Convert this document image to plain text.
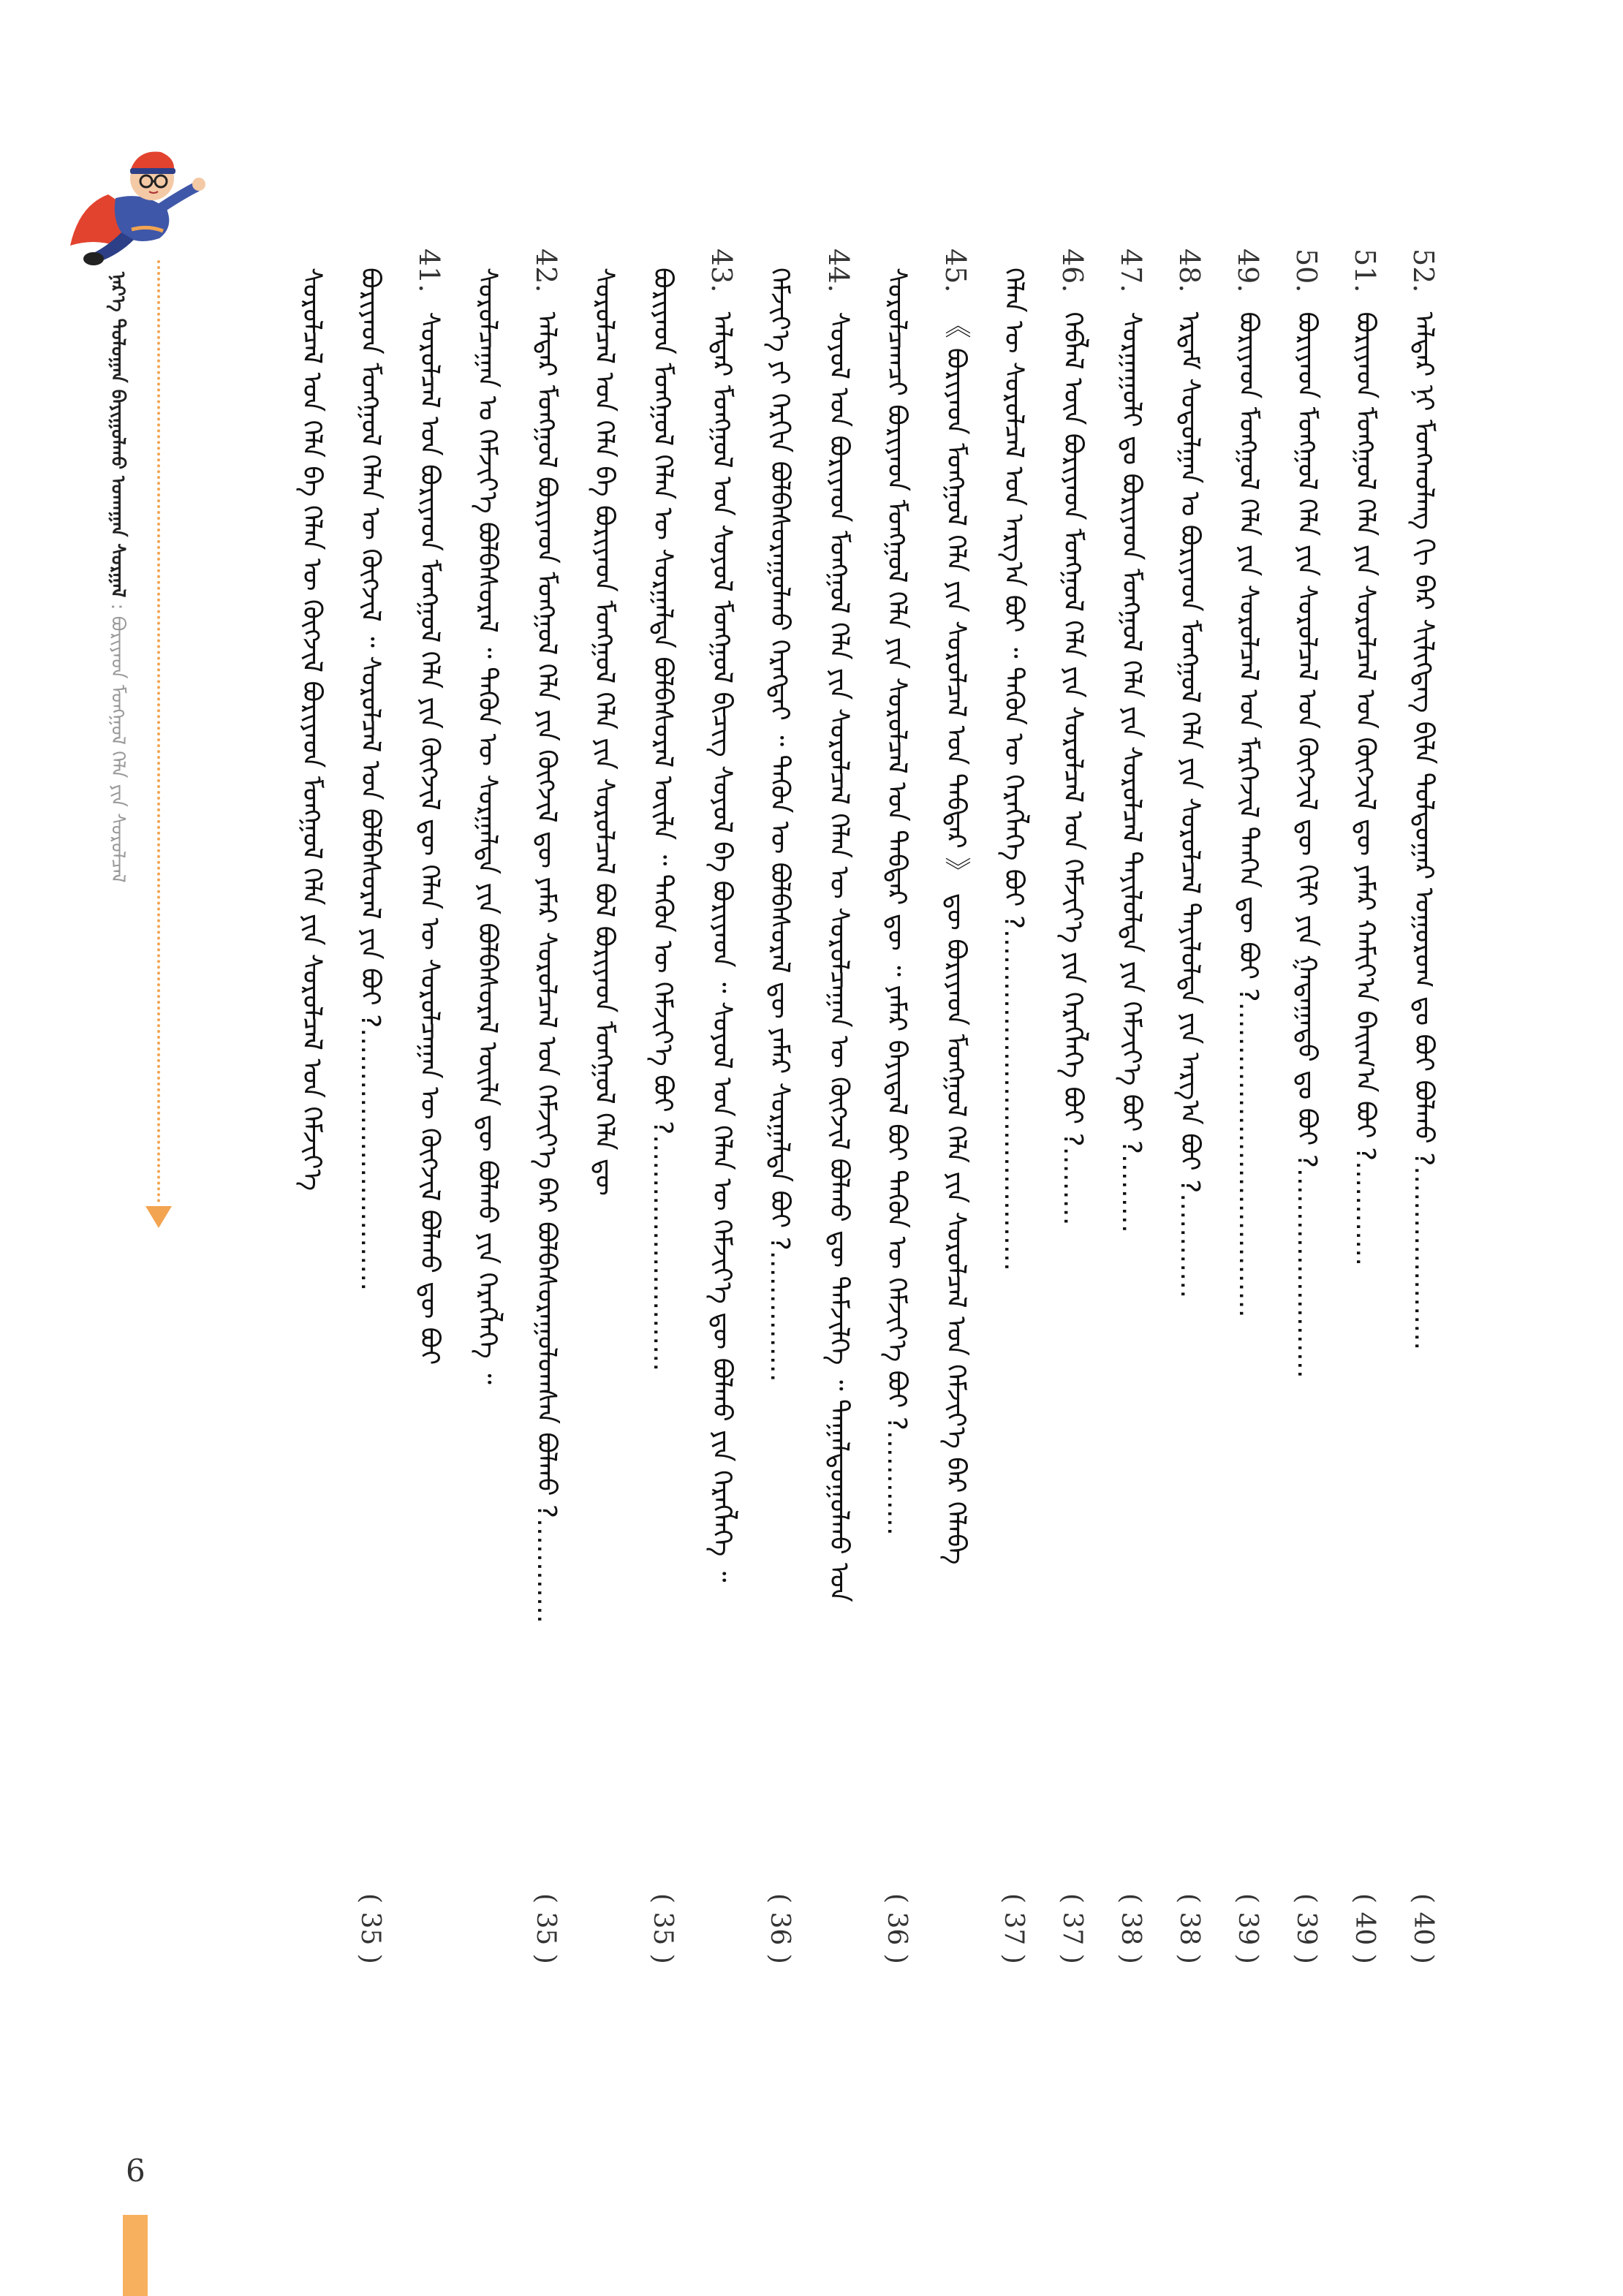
ᠨᠡᠷ᠎ᠡ ᠳᠣᠯᠤᠭᠠᠨ ᠪᠠᠶᠢᠭᠤᠯᠬᠤ ᠤᠬᠠᠭᠠᠨ ᠰᠤᠷᠭᠠᠯ : ᠪᠤᠷᠢᠶᠠᠳ ᠮᠣᠩᠭᠣᠯ ᠬᠡᠯᠡ ᠶᠢᠨ ᠰᠤᠷᠤᠯᠴᠠᠯ
52.ᠠᠯᠳᠠᠷ ᠨᠢ ᠮᠤᠩᠬᠤᠯᠠᠩ ᠬᠢ ᠪᠠᠷ ᠰᠢᠯᠢᠭᠳᠡᠭ ᠪᠢᠯᠡ ᠳᠣᠯᠳᠤᠭᠠᠷ ᠤᠭᠤᠷᠤᠭ ᠳᠤ ᠪᠣᠢ ᠪᠣᠯᠬᠤ ?…………………
( 40 )
51.ᠪᠤᠷᠢᠶᠠᠳ ᠮᠣᠩᠭᠣᠯ ᠬᠡᠯᠡ ᠶᠢᠨ ᠰᠤᠷᠤᠯᠴᠠᠯ ᠤᠨ ᠬᠥᠭᠵᠢᠯ ᠳᠦ ᠶᠠᠮᠠᠷ ᠬᠠᠮᠢᠶ᠎ᠠ ᠪᠠᠢᠭ᠎ᠠ ᠪᠣᠢ ?…………
( 40 )
50.ᠪᠤᠷᠢᠶᠠᠳ ᠮᠣᠩᠭᠣᠯ ᠬᠡᠯᠡ ᠶᠢᠨ ᠰᠤᠷᠤᠯᠴᠠᠯ ᠤᠨ ᠬᠥᠭᠵᠢᠯ ᠳᠦ ᠬᠢᠯᠢ ᠶᠢᠨ ᠭᠠᠳᠠᠭᠠᠳᠤ ᠳᠤ ᠪᠣᠢ ?……………………
( 39 )
49.ᠪᠤᠷᠢᠶᠠᠳ ᠮᠣᠩᠭᠣᠯ ᠬᠡᠯᠡ ᠶᠢᠨ ᠰᠤᠷᠤᠯᠴᠠᠯ ᠤᠨ ᠮᠡᠷᠭᠡᠵᠢᠯ ᠲᠡᠨᠭᠡᠨ ᠳᠦ ᠪᠣᠢ ?………………………………
( 39 )
48.ᠡᠷᠳᠡᠮ ᠰᠤᠳᠤᠯᠭᠠᠨ ᠤ ᠪᠤᠷᠢᠶᠠᠳ ᠮᠣᠩᠭᠣᠯ ᠬᠡᠯᠡ ᠶᠢᠨ ᠰᠤᠷᠤᠯᠴᠠᠯ ᠲᠠᠶᠢᠯᠤᠯᠲᠠ ᠶᠢᠨ ᠠᠷᠭ᠎ᠠ ᠪᠣᠢ ?…………
( 38 )
47.ᠰᠤᠷᠭᠠᠭᠤᠯᠢ ᠳᠤ ᠪᠤᠷᠢᠶᠠᠳ ᠮᠣᠩᠭᠣᠯ ᠬᠡᠯᠡ ᠶᠢᠨ ᠰᠤᠷᠤᠯᠴᠠᠯ ᠲᠠᠶᠢᠯᠤᠯᠲᠠ ᠶᠢᠨ ᠬᠡᠮᠵᠢᠶ᠎ᠡ ᠪᠣᠢ ?………
( 38 )
46.ᠬᠡᠪᠯᠡᠯ ᠦᠨ ᠪᠤᠷᠢᠶᠠᠳ ᠮᠣᠩᠭᠣᠯ ᠬᠡᠯᠡ ᠶᠢᠨ ᠰᠤᠷᠤᠯᠴᠠᠯ ᠤᠨ ᠬᠡᠮᠵᠢᠶ᠎ᠡ ᠶᠢᠨ ᠬᠡᠷᠡᠭᠯᠡᠭᠡ ᠪᠣᠢ ?………
( 37 )
ᠬᠡᠯᠡᠨ ᠦ ᠰᠤᠷᠤᠯᠴᠠᠯ ᠤᠨ ᠠᠷᠭ᠎ᠠ ᠪᠣᠢ ᠃ ᠲᠡᠭᠦᠨ ᠦ ᠬᠡᠷᠡᠭᠯᠡᠭᠡ ᠪᠣᠢ ?…………………………………
( 37 )
45.《 ᠪᠤᠷᠢᠶᠠᠳ ᠮᠣᠩᠭᠣᠯ ᠬᠡᠯᠡ ᠶᠢᠨ ᠰᠤᠷᠤᠯᠴᠠᠯ ᠤᠨ ᠳᠡᠪᠲᠡᠷ 》 ᠳᠦ ᠪᠤᠷᠢᠶᠠᠳ ᠮᠣᠩᠭᠣᠯ ᠬᠡᠯᠡ ᠶᠢᠨ ᠰᠤᠷᠤᠯᠴᠠᠯ ᠤᠨ ᠬᠡᠮᠵᠢᠶ᠎ᠡ ᠪᠠᠷ ᠬᠡᠯᠡᠪᠡ
ᠰᠤᠷᠤᠯᠴᠠᠭᠴᠢ ᠪᠤᠷᠢᠶᠠᠳ ᠮᠣᠩᠭᠣᠯ ᠬᠡᠯᠡ ᠶᠢᠨ ᠰᠤᠷᠤᠯᠴᠠᠯ ᠤᠨ ᠳᠡᠪᠲᠡᠷ ᠳᠦ ᠃ ᠶᠠᠮᠠᠷ ᠪᠠᠶᠢᠳᠠᠯ ᠪᠣᠢ ᠲᠡᠭᠦᠨ ᠦ ᠬᠡᠮᠵᠢᠶ᠎ᠡ ᠪᠣᠢ ?…………
( 36 )
44.ᠰᠣᠶᠤᠯ ᠤᠨ ᠪᠤᠷᠢᠶᠠᠳ ᠮᠣᠩᠭᠣᠯ ᠬᠡᠯᠡ ᠶᠢᠨ ᠰᠤᠷᠤᠯᠴᠠᠯ ᠬᠡᠯᠡᠨ ᠦ ᠰᠤᠷᠤᠯᠴᠠᠭᠠᠨ ᠦ ᠬᠥᠭᠵᠢᠯ ᠪᠣᠯᠬᠤ ᠳᠦ ᠳᠡᠮᠵᠢᠯᠭᠡ ᠃ ᠳᠠᠭᠠᠯᠳᠤᠭᠤᠯᠬᠤ ᠤᠨ
ᠬᠡᠮᠵᠢᠶ᠎ᠡ ᠶᠢ ᠬᠡᠷᠬᠢᠨ ᠪᠣᠯᠪᠠᠰᠤᠷᠠᠭᠤᠯᠬᠤ ᠬᠡᠷᠡᠭᠲᠡᠢ ᠃ ᠲᠡᠭᠦᠨ ᠦ ᠪᠣᠯᠪᠠᠰᠤᠷᠠᠯ ᠳᠦ ᠶᠠᠮᠠᠷ ᠰᠤᠷᠭᠠᠯᠲᠠ ᠪᠣᠢ ?……………
( 36 )
43.ᠠᠯᠳᠠᠷ ᠮᠣᠩᠭᠣᠯ ᠤᠨ ᠰᠣᠶᠤᠯ ᠮᠣᠩᠭᠣᠯ ᠪᠢᠴᠢᠭ ᠰᠣᠶᠤᠯ ᠪᠠ ᠪᠤᠷᠢᠶᠠᠳ ᠃ ᠰᠣᠶᠤᠯ ᠤᠨ ᠬᠡᠯᠡᠨ ᠦ ᠬᠡᠮᠵᠢᠶ᠎ᠡ ᠳᠦ ᠪᠣᠯᠬᠤ ᠶᠢᠨ ᠬᠡᠷᠡᠭᠯᠡᠭᠡ ᠃
ᠪᠤᠷᠢᠶᠠᠳ ᠮᠣᠩᠭᠣᠯ ᠬᠡᠯᠡᠨ ᠦ ᠰᠤᠷᠭᠠᠯᠲᠠ ᠪᠣᠯᠪᠠᠰᠤᠷᠠᠯ ᠦᠢᠯᠡ ᠃ ᠲᠡᠭᠦᠨ ᠦ ᠬᠡᠮᠵᠢᠶ᠎ᠡ ᠪᠣᠢ ?………………………
( 35 )
ᠰᠤᠷᠤᠯᠴᠠᠯ ᠤᠨ ᠬᠡᠯᠡ ᠪᠠ ᠪᠤᠷᠢᠶᠠᠳ ᠮᠣᠩᠭᠣᠯ ᠬᠡᠯᠡ ᠶᠢᠨ ᠰᠤᠷᠤᠯᠴᠠᠯ ᠪᠣᠯ ᠪᠤᠷᠢᠶᠠᠳ ᠮᠣᠩᠭᠣᠯ ᠬᠡᠯᠡ ᠳᠦ
42.ᠠᠯᠳᠠᠷ ᠮᠣᠩᠭᠣᠯ ᠪᠤᠷᠢᠶᠠᠳ ᠮᠣᠩᠭᠣᠯ ᠬᠡᠯᠡ ᠶᠢᠨ ᠬᠥᠭᠵᠢᠯ ᠳᠦ ᠶᠠᠮᠠᠷ ᠰᠤᠷᠤᠯᠴᠠᠯ ᠤᠨ ᠬᠡᠮᠵᠢᠶ᠎ᠡ ᠪᠠᠷ ᠪᠣᠯᠪᠠᠰᠤᠷᠠᠭᠤᠯᠤᠭᠰᠠᠨ ᠪᠣᠯᠬᠤ ?…………
( 35 )
ᠰᠤᠷᠤᠯᠴᠠᠭᠠᠨ ᠤ ᠬᠡᠮᠵᠢᠶ᠎ᠡ ᠪᠣᠯᠪᠠᠰᠤᠷᠠᠯ ᠃ ᠲᠡᠭᠦᠨ ᠦ ᠰᠤᠷᠭᠠᠯᠲᠠ ᠶᠢᠨ ᠪᠣᠯᠪᠠᠰᠤᠷᠠᠯ ᠦᠢᠯᠡ ᠳᠦ ᠪᠣᠯᠬᠤ ᠶᠢᠨ ᠬᠡᠷᠡᠭᠯᠡᠭᠡ ᠃
41.ᠰᠤᠷᠤᠯᠴᠠᠯ ᠤᠨ ᠪᠤᠷᠢᠶᠠᠳ ᠮᠣᠩᠭᠣᠯ ᠬᠡᠯᠡ ᠶᠢᠨ ᠬᠥᠭᠵᠢᠯ ᠳᠦ ᠬᠡᠯᠡᠨ ᠦ ᠰᠤᠷᠤᠯᠴᠠᠭᠠᠨ ᠦ ᠬᠥᠭᠵᠢᠯ ᠪᠣᠯᠬᠤ ᠳᠦ ᠪᠣᠢ
ᠪᠤᠷᠢᠶᠠᠳ ᠮᠣᠩᠭᠣᠯ ᠬᠡᠯᠡᠨ ᠦ ᠬᠥᠭᠵᠢᠯ ᠃ ᠰᠤᠷᠤᠯᠴᠠᠯ ᠤᠨ ᠪᠣᠯᠪᠠᠰᠤᠷᠠᠯ ᠶᠢᠨ ᠪᠣᠢ ?…………………………
( 35 )
ᠰᠤᠷᠤᠯᠴᠠᠯ ᠤᠨ ᠬᠡᠯᠡ ᠪᠠ ᠬᠡᠯᠡᠨ ᠦ ᠬᠥᠭᠵᠢᠯ ᠪᠤᠷᠢᠶᠠᠳ ᠮᠣᠩᠭᠣᠯ ᠬᠡᠯᠡ ᠶᠢᠨ ᠰᠤᠷᠤᠯᠴᠠᠯ ᠤᠨ ᠬᠡᠮᠵᠢᠶ᠎ᠡ
6
